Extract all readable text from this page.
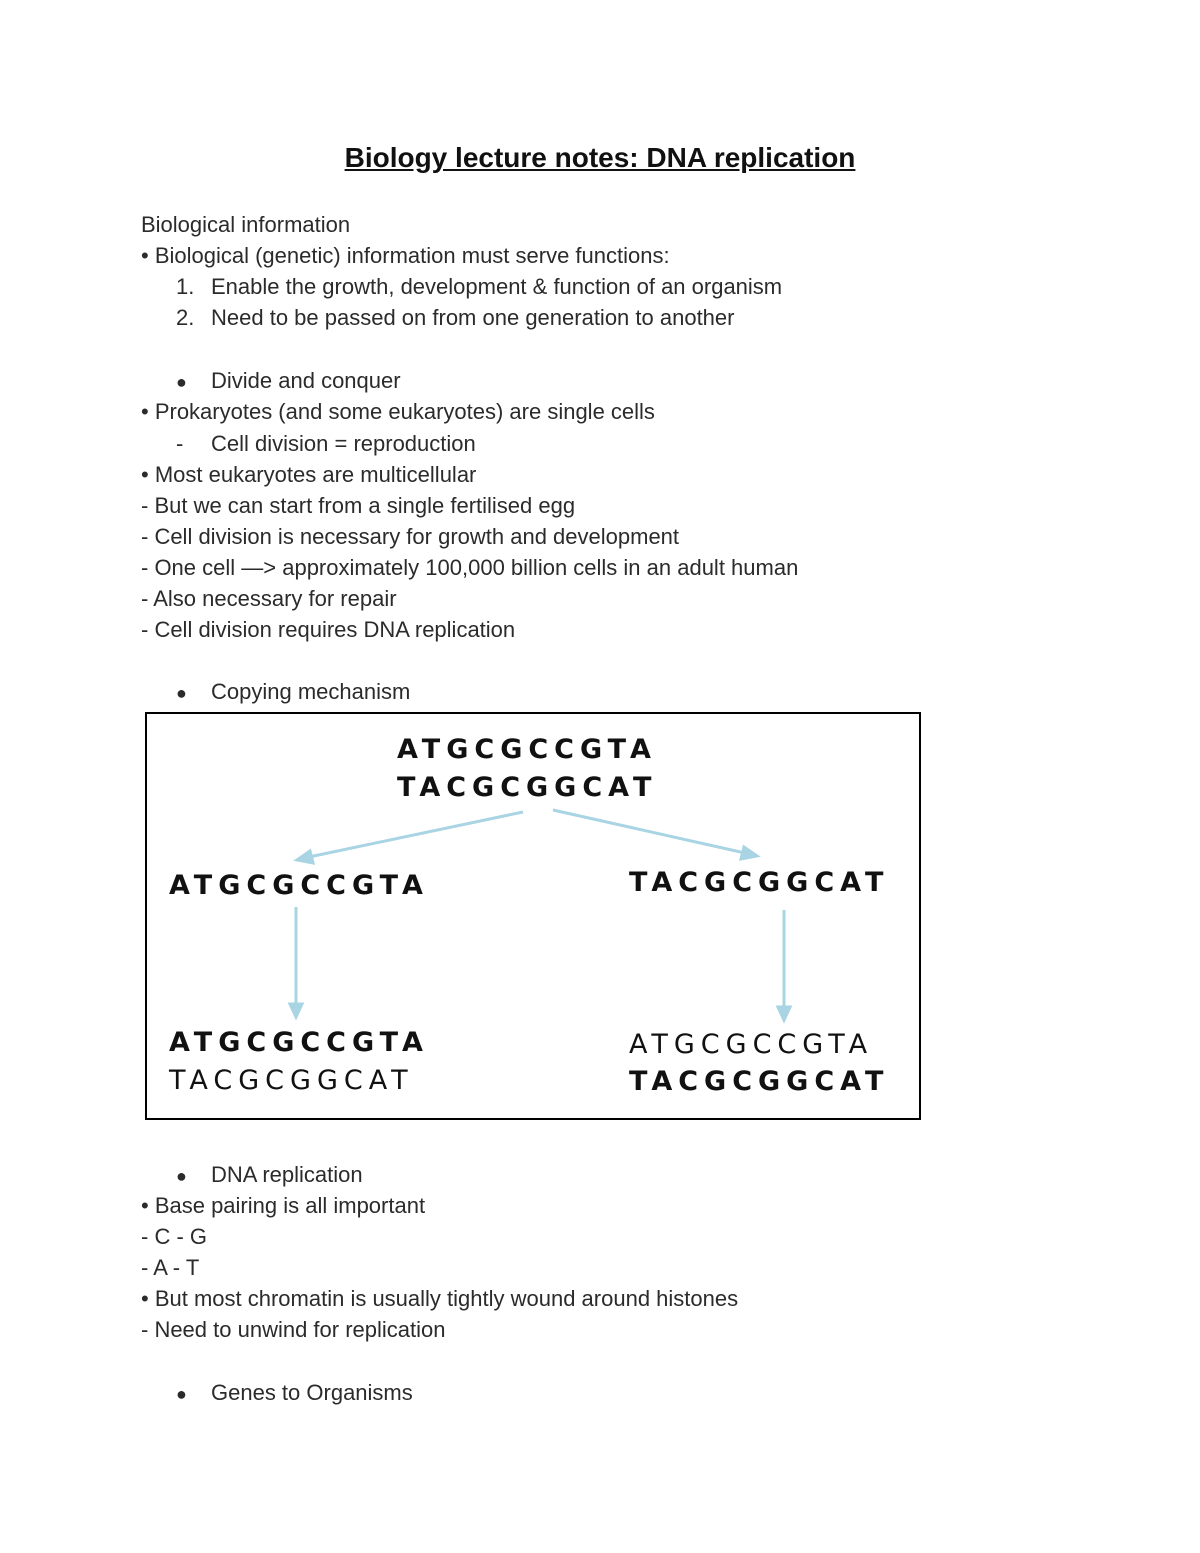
Biology lecture notes: DNA replication
Biological information
• Biological (genetic) information must serve functions:
1. Enable the growth, development & function of an organism
2. Need to be passed on from one generation to another
● Divide and conquer
• Prokaryotes (and some eukaryotes) are single cells
- Cell division = reproduction
• Most eukaryotes are multicellular
- But we can start from a single fertilised egg
- Cell division is necessary for growth and development
- One cell —> approximately 100,000 billion cells in an adult human
- Also necessary for repair
- Cell division requires DNA replication
● Copying mechanism
ATGCGCCGTA
TACGCGGCAT
ATGCGCCGTA	TACGCGGCAT
ATGCGCCGTA
TACGCGGCAT
ATGCGCCGTA
TACGCGGCAT
● DNA replication
• Base pairing is all important
- C - G
- A - T
• But most chromatin is usually tightly wound around histones
- Need to unwind for replication
● Genes to Organisms
